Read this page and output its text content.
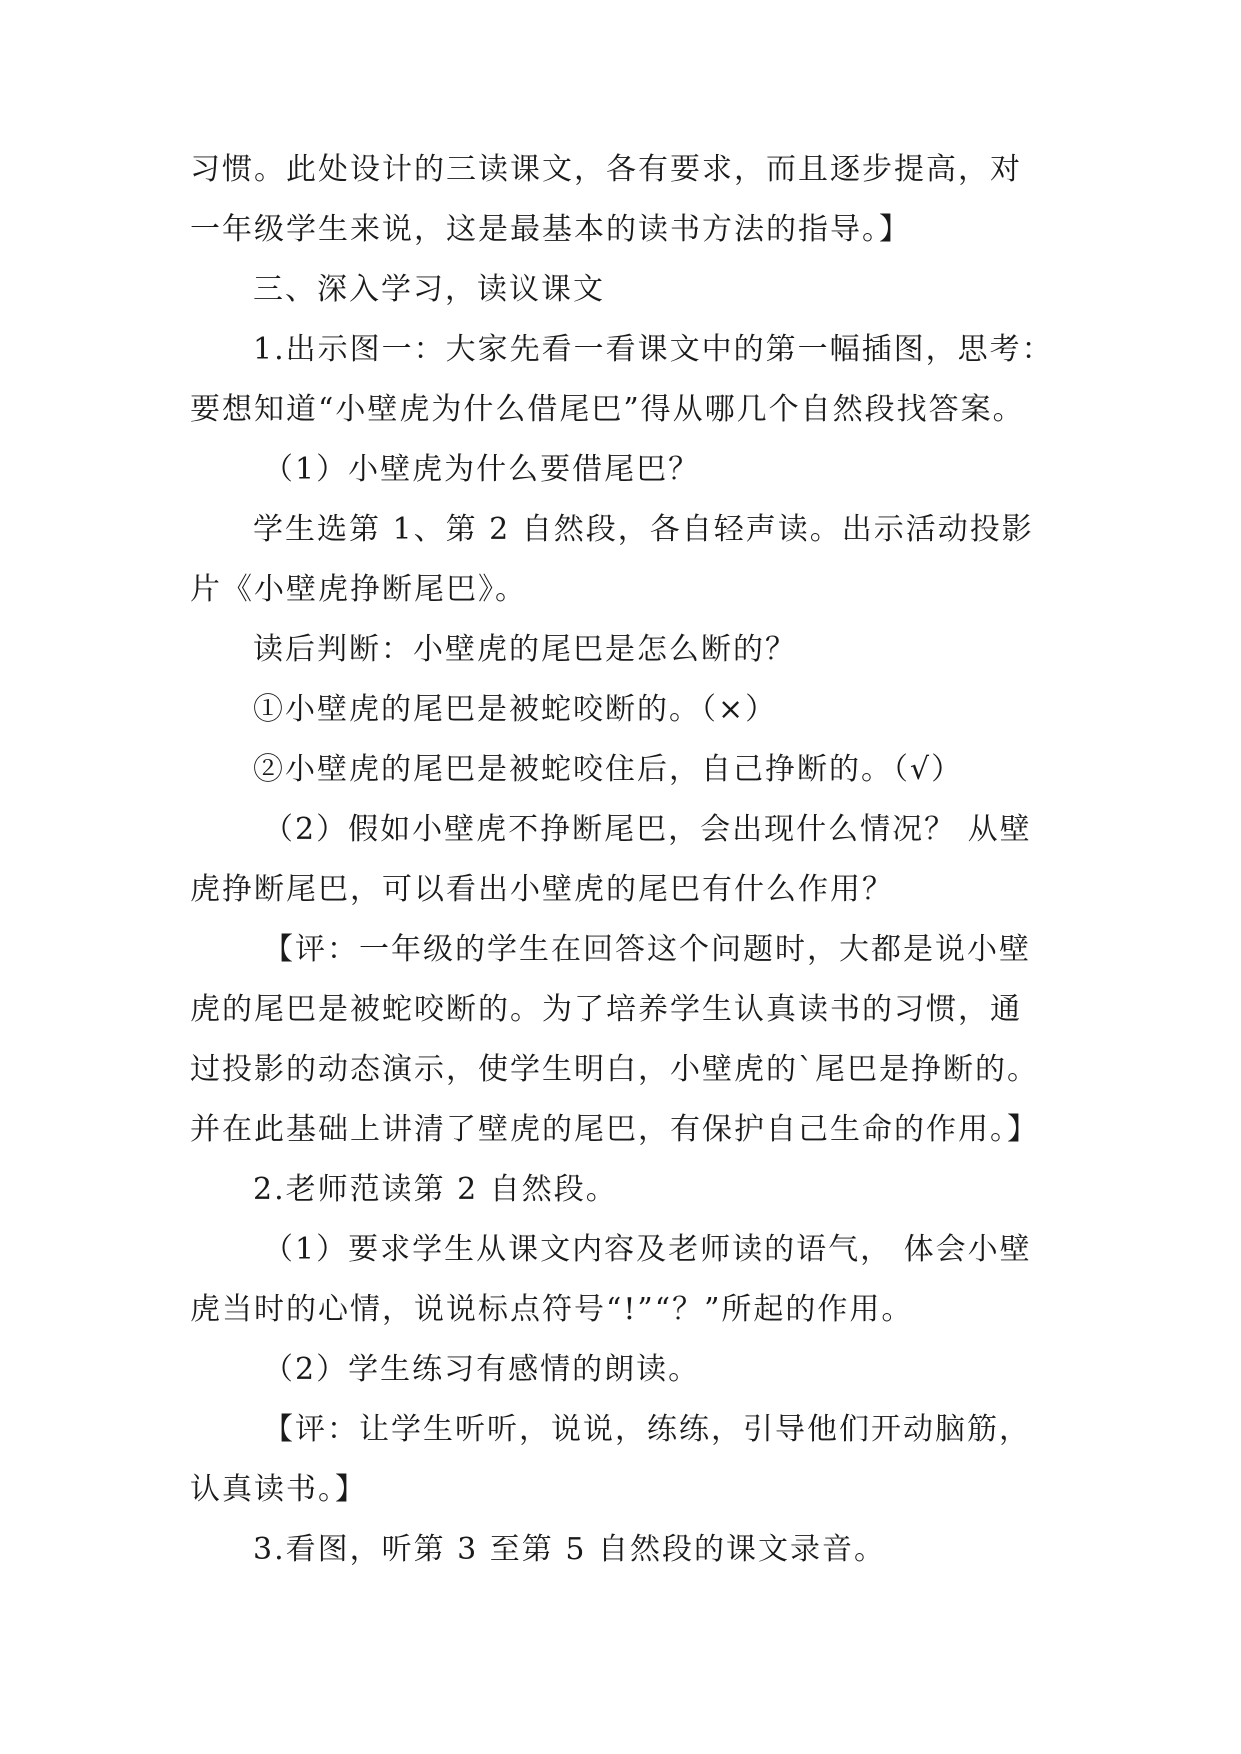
习惯。此处设计的三读课文，各有要求，而且逐步提高，对
一年级学生来说，这是最基本的读书方法的指导。】
三、深入学习，读议课文
1.出示图一：大家先看一看课文中的第一幅插图，思考：
要想知道“小壁虎为什么借尾巴”得从哪几个自然段找答案。
（1）小壁虎为什么要借尾巴？
学生选第 1、第 2 自然段，各自轻声读。出示活动投影
片《小壁虎挣断尾巴》。
读后判断：小壁虎的尾巴是怎么断的？
①小壁虎的尾巴是被蛇咬断的。（×）
②小壁虎的尾巴是被蛇咬住后，自己挣断的。（√）
（2）假如小壁虎不挣断尾巴，会出现什么情况？ 从壁
虎挣断尾巴，可以看出小壁虎的尾巴有什么作用？
【评：一年级的学生在回答这个问题时，大都是说小壁
虎的尾巴是被蛇咬断的。为了培养学生认真读书的习惯，通
过投影的动态演示，使学生明白，小壁虎的`尾巴是挣断的。
并在此基础上讲清了壁虎的尾巴，有保护自己生命的作用。】
2.老师范读第 2 自然段。
（1）要求学生从课文内容及老师读的语气， 体会小壁
虎当时的心情，说说标点符号“!”“？”所起的作用。
（2）学生练习有感情的朗读。
【评：让学生听听，说说，练练，引导他们开动脑筋，
认真读书。】
3.看图，听第 3 至第 5 自然段的课文录音。
